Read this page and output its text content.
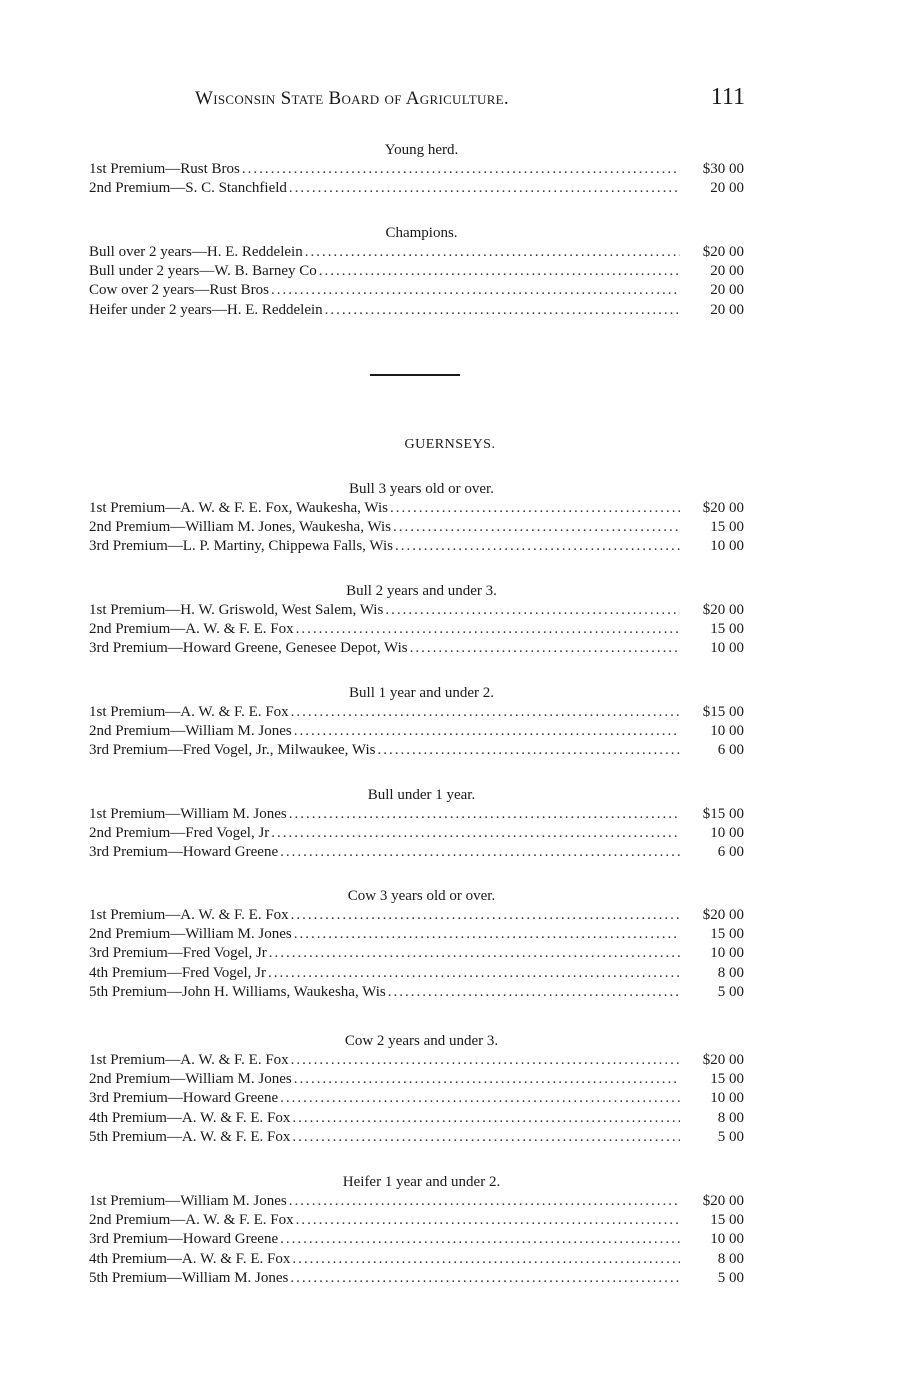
Wisconsin State Board of Agriculture.	111
Young herd.
1st Premium—Rust Bros .....	$30 00
2nd Premium—S. C. Stanchfield .....	20 00
Champions.
Bull over 2 years—H. E. Reddelein .....	$20 00
Bull under 2 years—W. B. Barney Co .....	20 00
Cow over 2 years—Rust Bros .....	20 00
Heifer under 2 years—H. E. Reddelein .....	20 00
GUERNSEYS.
Bull 3 years old or over.
1st Premium—A. W. & F. E. Fox, Waukesha, Wis .....	$20 00
2nd Premium—William M. Jones, Waukesha, Wis .....	15 00
3rd Premium—L. P. Martiny, Chippewa Falls, Wis .....	10 00
Bull 2 years and under 3.
1st Premium—H. W. Griswold, West Salem, Wis .....	$20 00
2nd Premium—A. W. & F. E. Fox .....	15 00
3rd Premium—Howard Greene, Genesee Depot, Wis .....	10 00
Bull 1 year and under 2.
1st Premium—A. W. & F. E. Fox .....	$15 00
2nd Premium—William M. Jones .....	10 00
3rd Premium—Fred Vogel, Jr., Milwaukee, Wis .....	6 00
Bull under 1 year.
1st Premium—William M. Jones .....	$15 00
2nd Premium—Fred Vogel, Jr .....	10 00
3rd Premium—Howard Greene .....	6 00
Cow 3 years old or over.
1st Premium—A. W. & F. E. Fox .....	$20 00
2nd Premium—William M. Jones .....	15 00
3rd Premium—Fred Vogel, Jr .....	10 00
4th Premium—Fred Vogel, Jr .....	8 00
5th Premium—John H. Williams, Waukesha, Wis .....	5 00
Cow 2 years and under 3.
1st Premium—A. W. & F. E. Fox .....	$20 00
2nd Premium—William M. Jones .....	15 00
3rd Premium—Howard Greene .....	10 00
4th Premium—A. W. & F. E. Fox .....	8 00
5th Premium—A. W. & F. E. Fox .....	5 00
Heifer 1 year and under 2.
1st Premium—William M. Jones .....	$20 00
2nd Premium—A. W. & F. E. Fox .....	15 00
3rd Premium—Howard Greene .....	10 00
4th Premium—A. W. & F. E. Fox .....	8 00
5th Premium—William M. Jones .....	5 00
